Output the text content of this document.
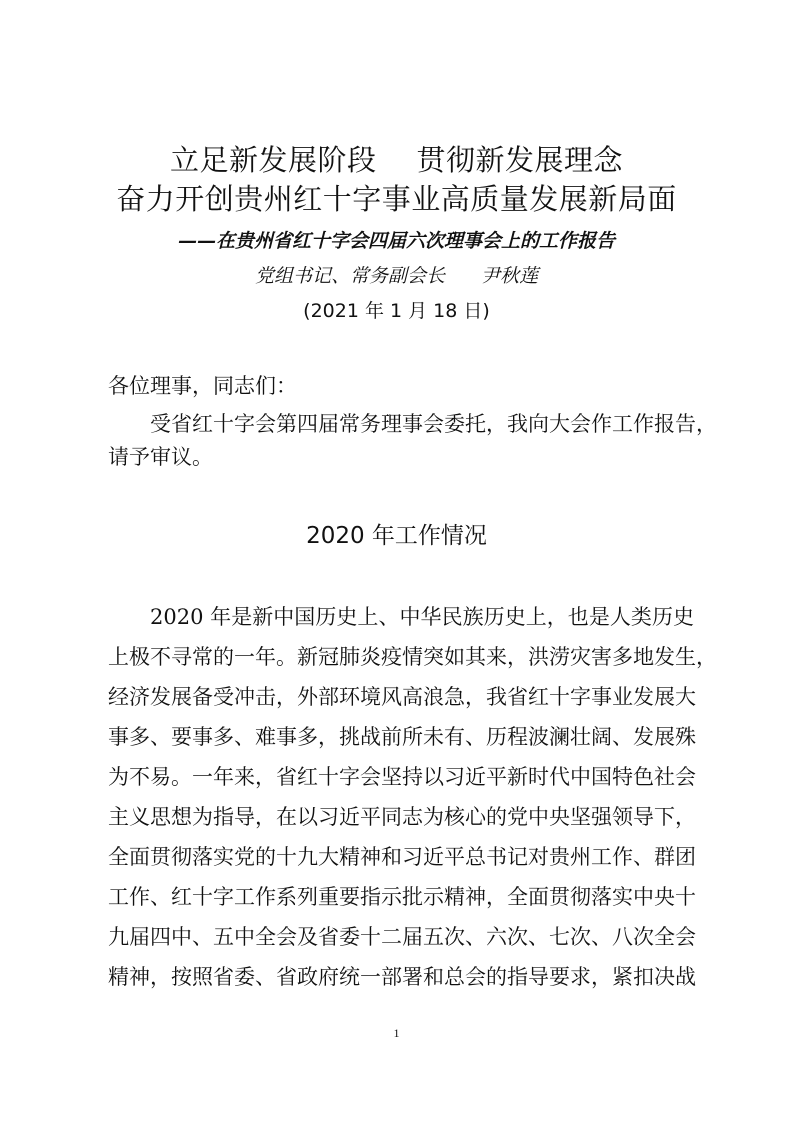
立足新发展阶段 贯彻新发展理念
奋力开创贵州红十字事业高质量发展新局面
——在贵州省红十字会四届六次理事会上的工作报告
党组书记、常务副会长 尹秋莲
(2021 年 1 月 18 日)
各位理事，同志们：
受省红十字会第四届常务理事会委托，我向大会作工作报告，
请予审议。
2020 年工作情况
2020 年是新中国历史上、中华民族历史上，也是人类历史
上极不寻常的一年。新冠肺炎疫情突如其来，洪涝灾害多地发生，
经济发展备受冲击，外部环境风高浪急，我省红十字事业发展大
事多、要事多、难事多，挑战前所未有、历程波澜壮阔、发展殊
为不易。一年来，省红十字会坚持以习近平新时代中国特色社会
主义思想为指导，在以习近平同志为核心的党中央坚强领导下，
全面贯彻落实党的十九大精神和习近平总书记对贵州工作、群团
工作、红十字工作系列重要指示批示精神，全面贯彻落实中央十
九届四中、五中全会及省委十二届五次、六次、七次、八次全会
精神，按照省委、省政府统一部署和总会的指导要求，紧扣决战
1
